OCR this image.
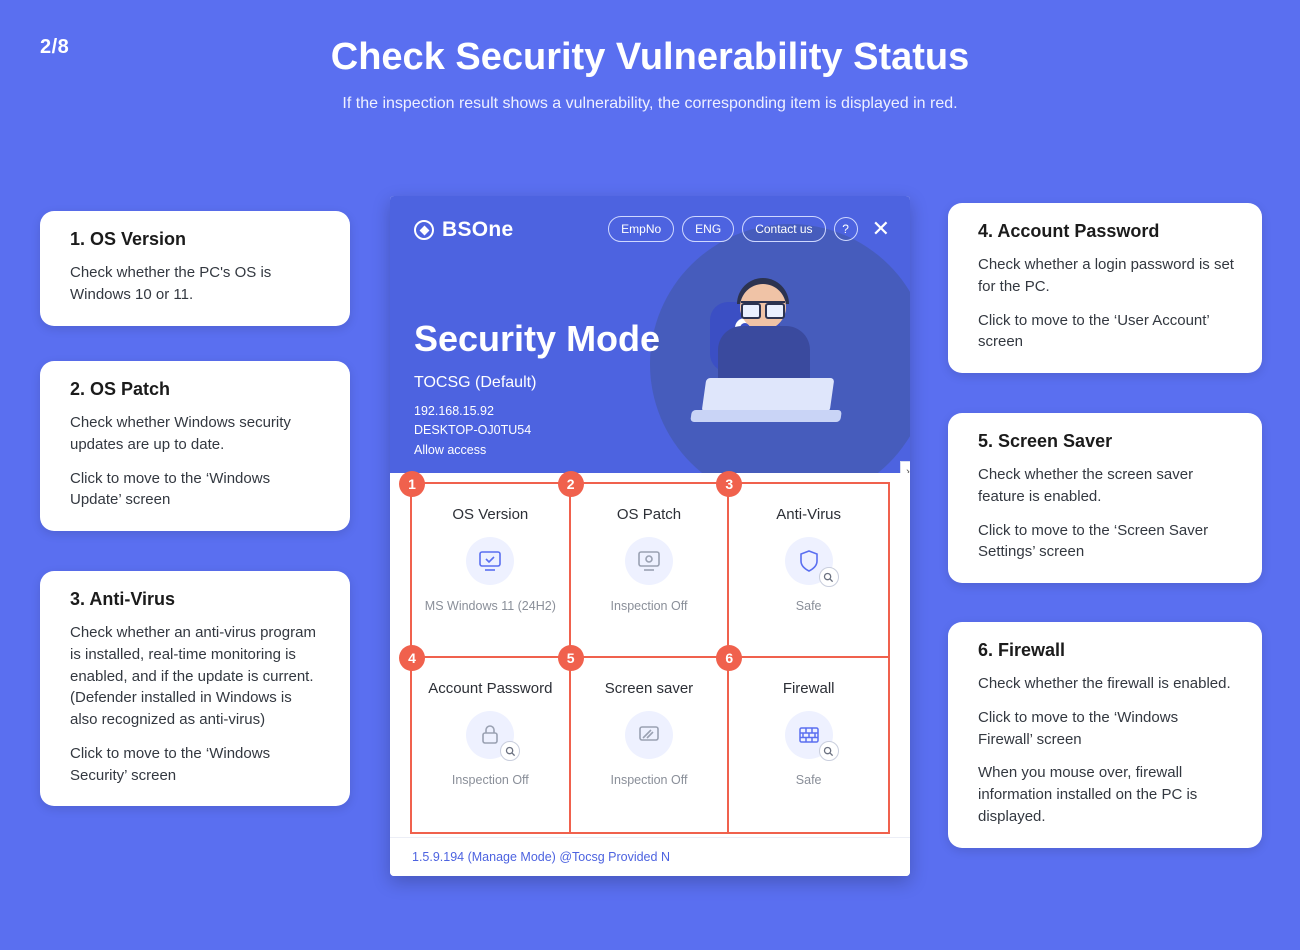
2/8	Check Security Vulnerability Status
If the inspection result shows a vulnerability, the corresponding item is displayed in red.
1. OS Version

Check whether the PC's OS is Windows 10 or 11.

2. OS Patch

Check whether Windows security updates are up to date.

Click to move to the ‘Windows Update’ screen

3. Anti-Virus

Check whether an anti-virus program is installed, real-time monitoring is enabled, and if the update is current. (Defender installed in Windows is also recognized as anti-virus)

Click to move to the ‘Windows Security’ screen

4. Account Password

Check whether a login password is set for the PC.

Click to move to the ‘User Account’ screen

5. Screen Saver

Check whether the screen saver feature is enabled.

Click to move to the ‘Screen Saver Settings’ screen

6. Firewall

Check whether the firewall is enabled.

Click to move to the ‘Windows Firewall’ screen

When you mouse over, firewall information installed on the PC is displayed.

BSOne	EmpNo	ENG	Contact us	?	✕
Security Mode
TOCSG (Default)
192.168.15.92
DESKTOP-OJ0TU54
Allow access
›
1
OS Version
MS Windows 11 (24H2)
2
OS Patch
Inspection Off
3
Anti-Virus
Safe
4
Account Password
Inspection Off
5
Screen saver
Inspection Off
6
Firewall
Safe
1.5.9.194 (Manage Mode) @Tocsg Provided N
